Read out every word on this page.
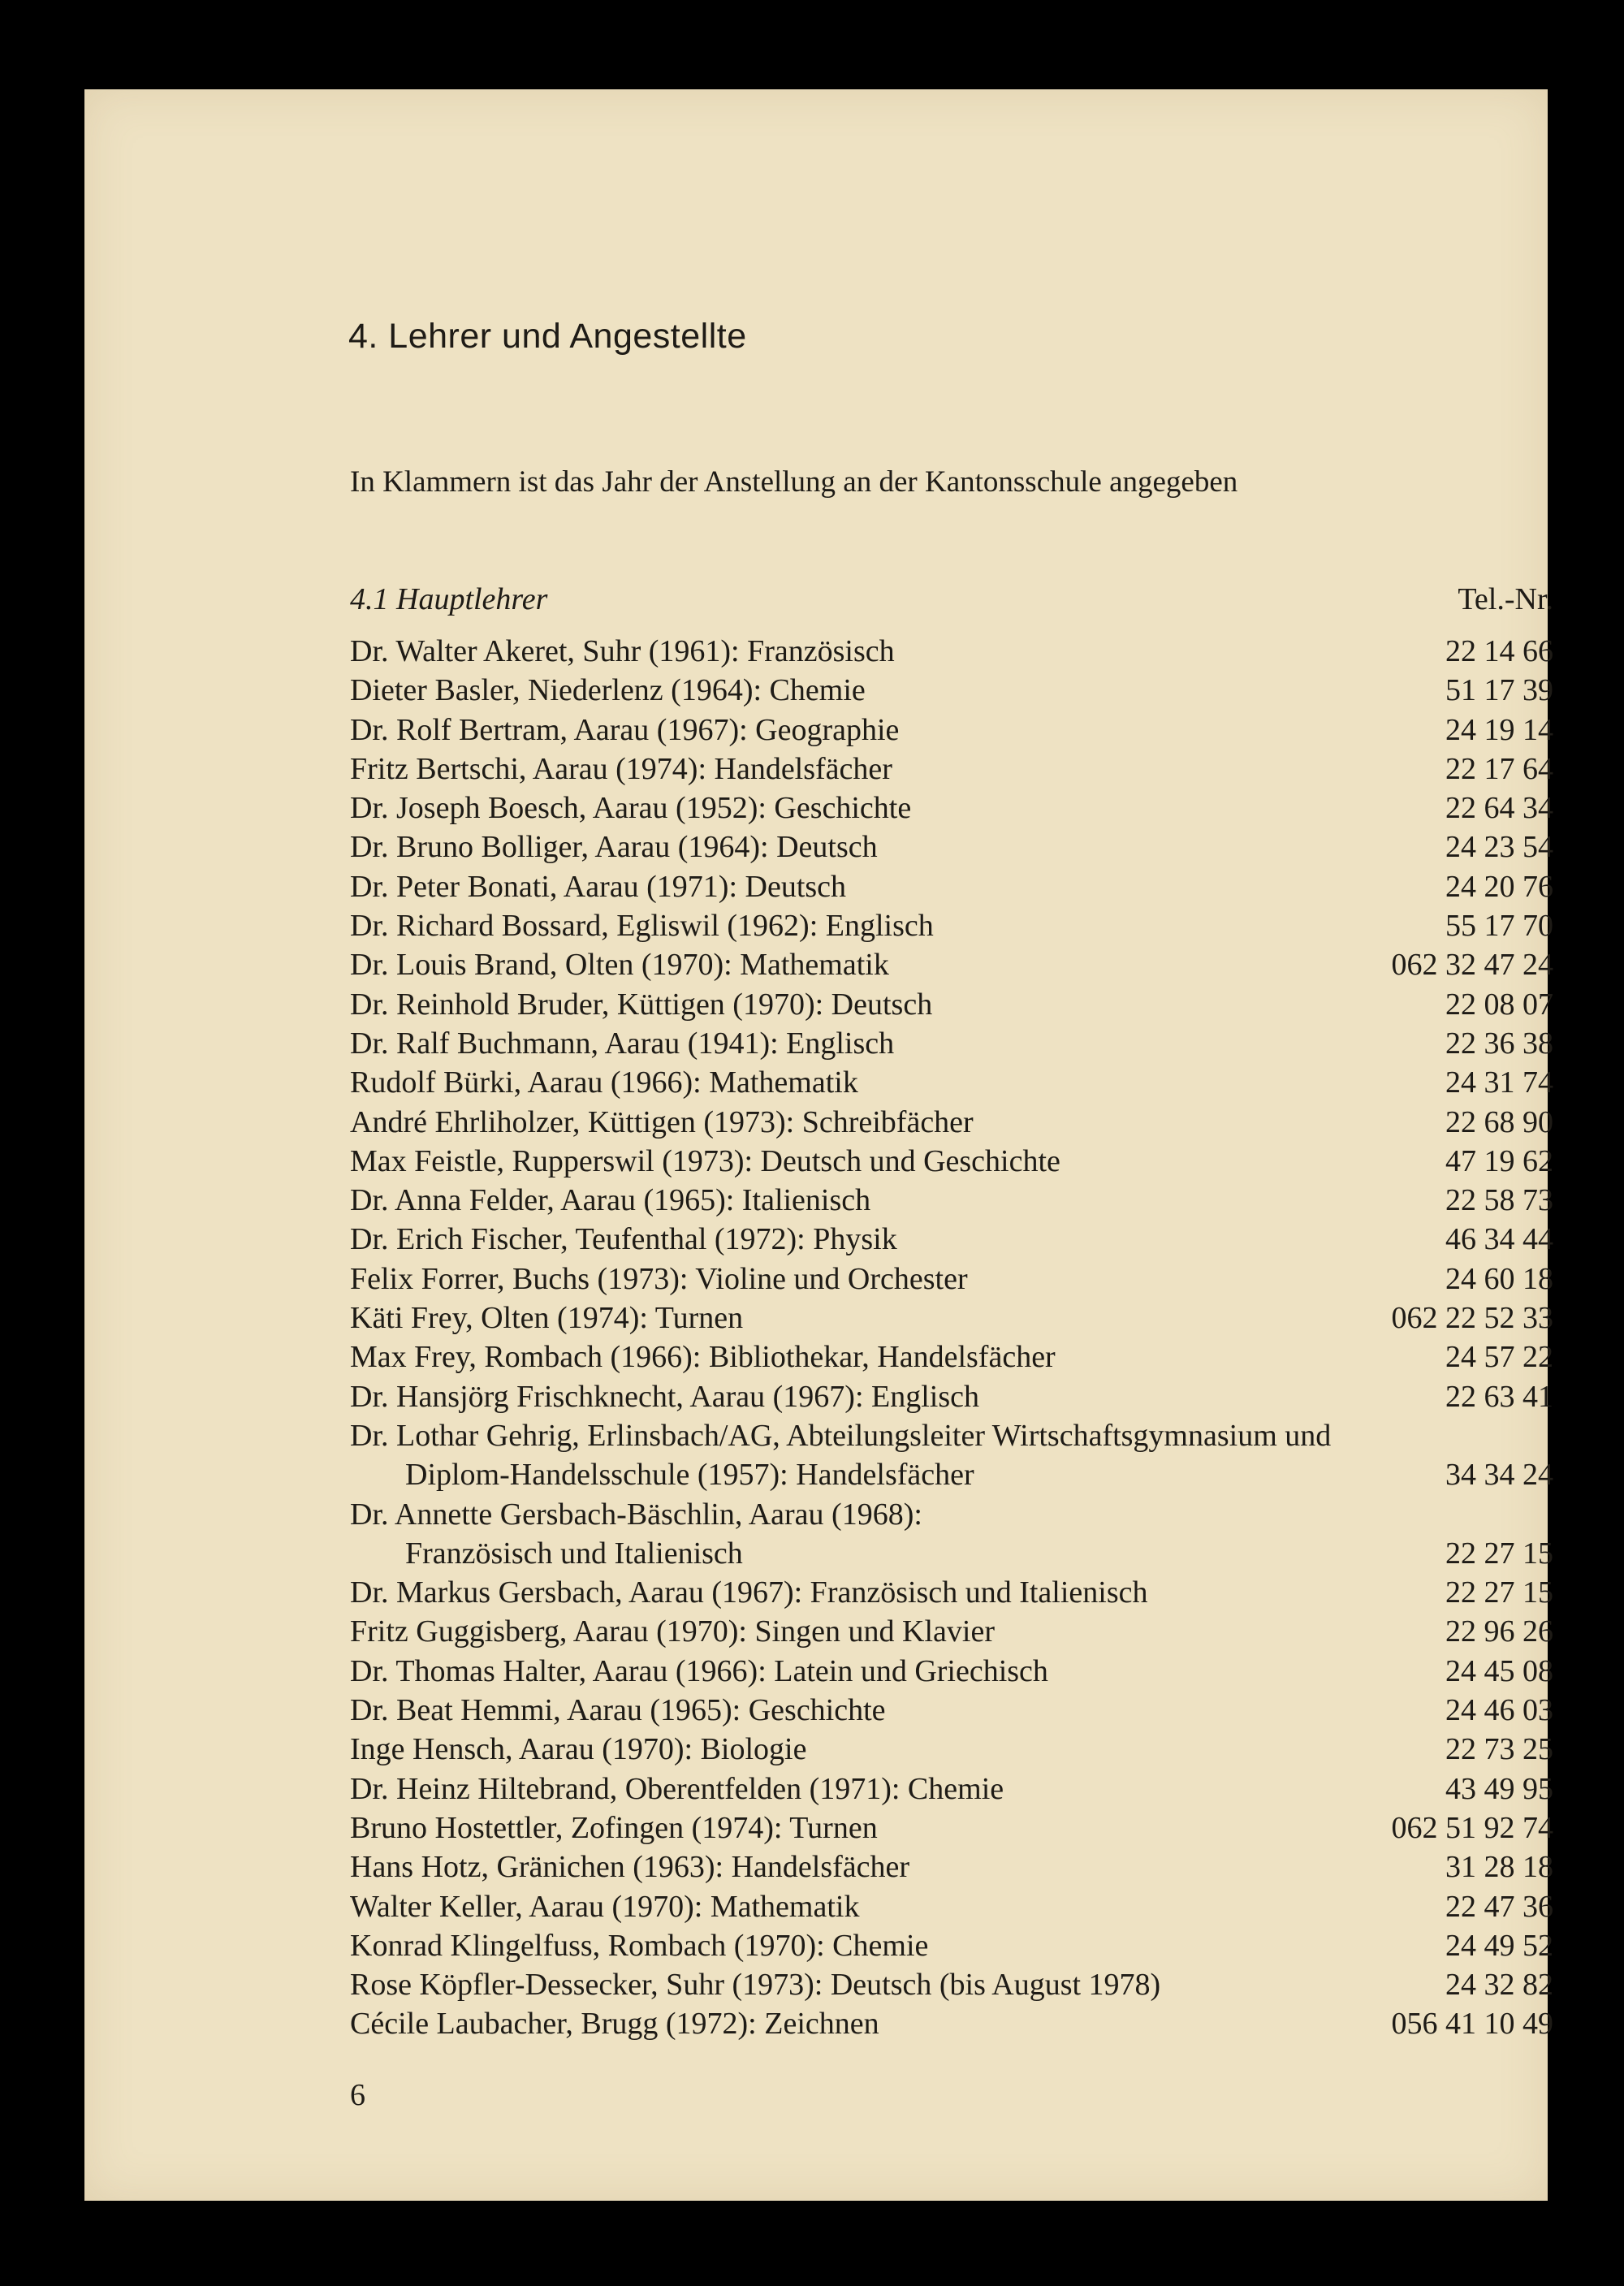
4. Lehrer und Angestellte
In Klammern ist das Jahr der Anstellung an der Kantonsschule angegeben
4.1 Hauptlehrer	Tel.-Nr.
Dr. Walter Akeret, Suhr (1961): Französisch	22 14 66
Dieter Basler, Niederlenz (1964): Chemie	51 17 39
Dr. Rolf Bertram, Aarau (1967): Geographie	24 19 14
Fritz Bertschi, Aarau (1974): Handelsfächer	22 17 64
Dr. Joseph Boesch, Aarau (1952): Geschichte	22 64 34
Dr. Bruno Bolliger, Aarau (1964): Deutsch	24 23 54
Dr. Peter Bonati, Aarau (1971): Deutsch	24 20 76
Dr. Richard Bossard, Egliswil (1962): Englisch	55 17 70
Dr. Louis Brand, Olten (1970): Mathematik	062 32 47 24
Dr. Reinhold Bruder, Küttigen (1970): Deutsch	22 08 07
Dr. Ralf Buchmann, Aarau (1941): Englisch	22 36 38
Rudolf Bürki, Aarau (1966): Mathematik	24 31 74
André Ehrliholzer, Küttigen (1973): Schreibfächer	22 68 90
Max Feistle, Rupperswil (1973): Deutsch und Geschichte	47 19 62
Dr. Anna Felder, Aarau (1965): Italienisch	22 58 73
Dr. Erich Fischer, Teufenthal (1972): Physik	46 34 44
Felix Forrer, Buchs (1973): Violine und Orchester	24 60 18
Käti Frey, Olten (1974): Turnen	062 22 52 33
Max Frey, Rombach (1966): Bibliothekar, Handelsfächer	24 57 22
Dr. Hansjörg Frischknecht, Aarau (1967): Englisch	22 63 41
Dr. Lothar Gehrig, Erlinsbach/AG, Abteilungsleiter Wirtschaftsgymnasium und
Diplom-Handelsschule (1957): Handelsfächer	34 34 24
Dr. Annette Gersbach-Bäschlin, Aarau (1968):
Französisch und Italienisch	22 27 15
Dr. Markus Gersbach, Aarau (1967): Französisch und Italienisch	22 27 15
Fritz Guggisberg, Aarau (1970): Singen und Klavier	22 96 26
Dr. Thomas Halter, Aarau (1966): Latein und Griechisch	24 45 08
Dr. Beat Hemmi, Aarau (1965): Geschichte	24 46 03
Inge Hensch, Aarau (1970): Biologie	22 73 25
Dr. Heinz Hiltebrand, Oberentfelden (1971): Chemie	43 49 95
Bruno Hostettler, Zofingen (1974): Turnen	062 51 92 74
Hans Hotz, Gränichen (1963): Handelsfächer	31 28 18
Walter Keller, Aarau (1970): Mathematik	22 47 36
Konrad Klingelfuss, Rombach (1970): Chemie	24 49 52
Rose Köpfler-Dessecker, Suhr (1973): Deutsch (bis August 1978)	24 32 82
Cécile Laubacher, Brugg (1972): Zeichnen	056 41 10 49
6
